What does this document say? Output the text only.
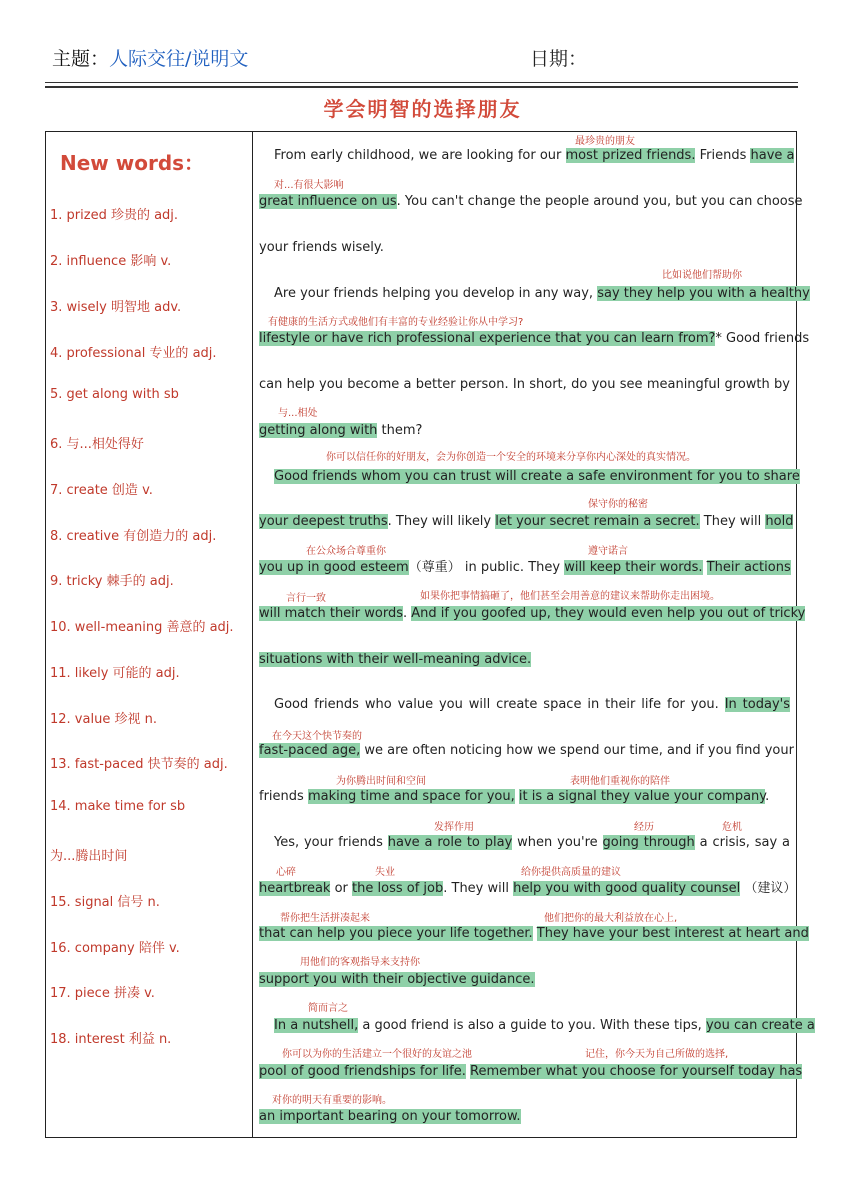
主题：人际交往/说明文	日期：
学会明智的选择朋友
New words：
1. prized 珍贵的 adj.
2. influence 影响 v.
3. wisely 明智地 adv.
4. professional 专业的 adj.
5. get along with sb
6. 与...相处得好
7. create 创造 v.
8. creative 有创造力的 adj.
9. tricky 棘手的 adj.
10. well-meaning 善意的 adj.
11. likely 可能的 adj.
12. value 珍视 n.
13. fast-paced 快节奏的 adj.
14. make time for sb
为...腾出时间
15. signal 信号 n.
16. company 陪伴 v.
17. piece 拼凑 v.
18. interest 利益 n.
最珍贵的朋友
对...有很大影响
比如说他们帮助你
有健康的生活方式或他们有丰富的专业经验让你从中学习?
与...相处
你可以信任你的好朋友，会为你创造一个安全的环境来分享你内心深处的真实情况。
保守你的秘密
在公众场合尊重你	遵守诺言
言行一致	如果你把事情搞砸了，他们甚至会用善意的建议来帮助你走出困境。
在今天这个快节奏的
为你腾出时间和空间	表明他们重视你的陪伴
发挥作用	经历	危机
心碎	失业	给你提供高质量的建议
帮你把生活拼凑起来	他们把你的最大利益放在心上,
用他们的客观指导来支持你
简而言之
你可以为你的生活建立一个很好的友谊之池	记住，你今天为自己所做的选择,
对你的明天有重要的影响。
From early childhood, we are looking for our most prized friends. Friends have a
great influence on us. You can't change the people around you, but you can choose
your friends wisely.
Are your friends helping you develop in any way, say they help you with a healthy
lifestyle or have rich professional experience that you can learn from?* Good friends
can help you become a better person. In short, do you see meaningful growth by
getting along with them?
Good friends whom you can trust will create a safe environment for you to share
your deepest truths. They will likely let your secret remain a secret. They will hold
you up in good esteem（尊重） in public. They will keep their words. Their actions
will match their words. And if you goofed up, they would even help you out of tricky
situations with their well-meaning advice.
Good friends who value you will create space in their life for you. In today's
fast-paced age, we are often noticing how we spend our time, and if you find your
friends making time and space for you, it is a signal they value your company.
Yes, your friends have a role to play when you're going through a crisis, say a
heartbreak or the loss of job. They will help you with good quality counsel （建议）
that can help you piece your life together. They have your best interest at heart and
support you with their objective guidance.
In a nutshell, a good friend is also a guide to you. With these tips, you can create a
pool of good friendships for life. Remember what you choose for yourself today has
an important bearing on your tomorrow.
